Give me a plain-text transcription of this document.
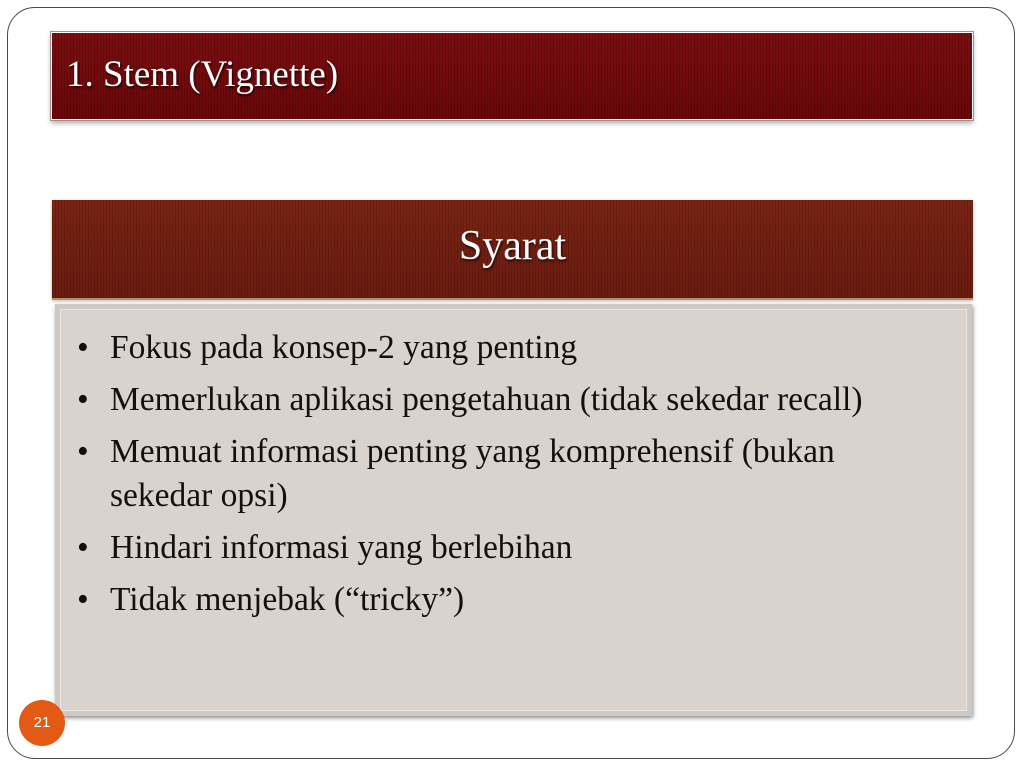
1. Stem (Vignette)
Syarat
• Fokus pada konsep-2 yang penting
• Memerlukan aplikasi pengetahuan (tidak sekedar recall)
• Memuat informasi penting yang komprehensif (bukan sekedar opsi)
• Hindari informasi yang berlebihan
• Tidak menjebak (“tricky”)
21
